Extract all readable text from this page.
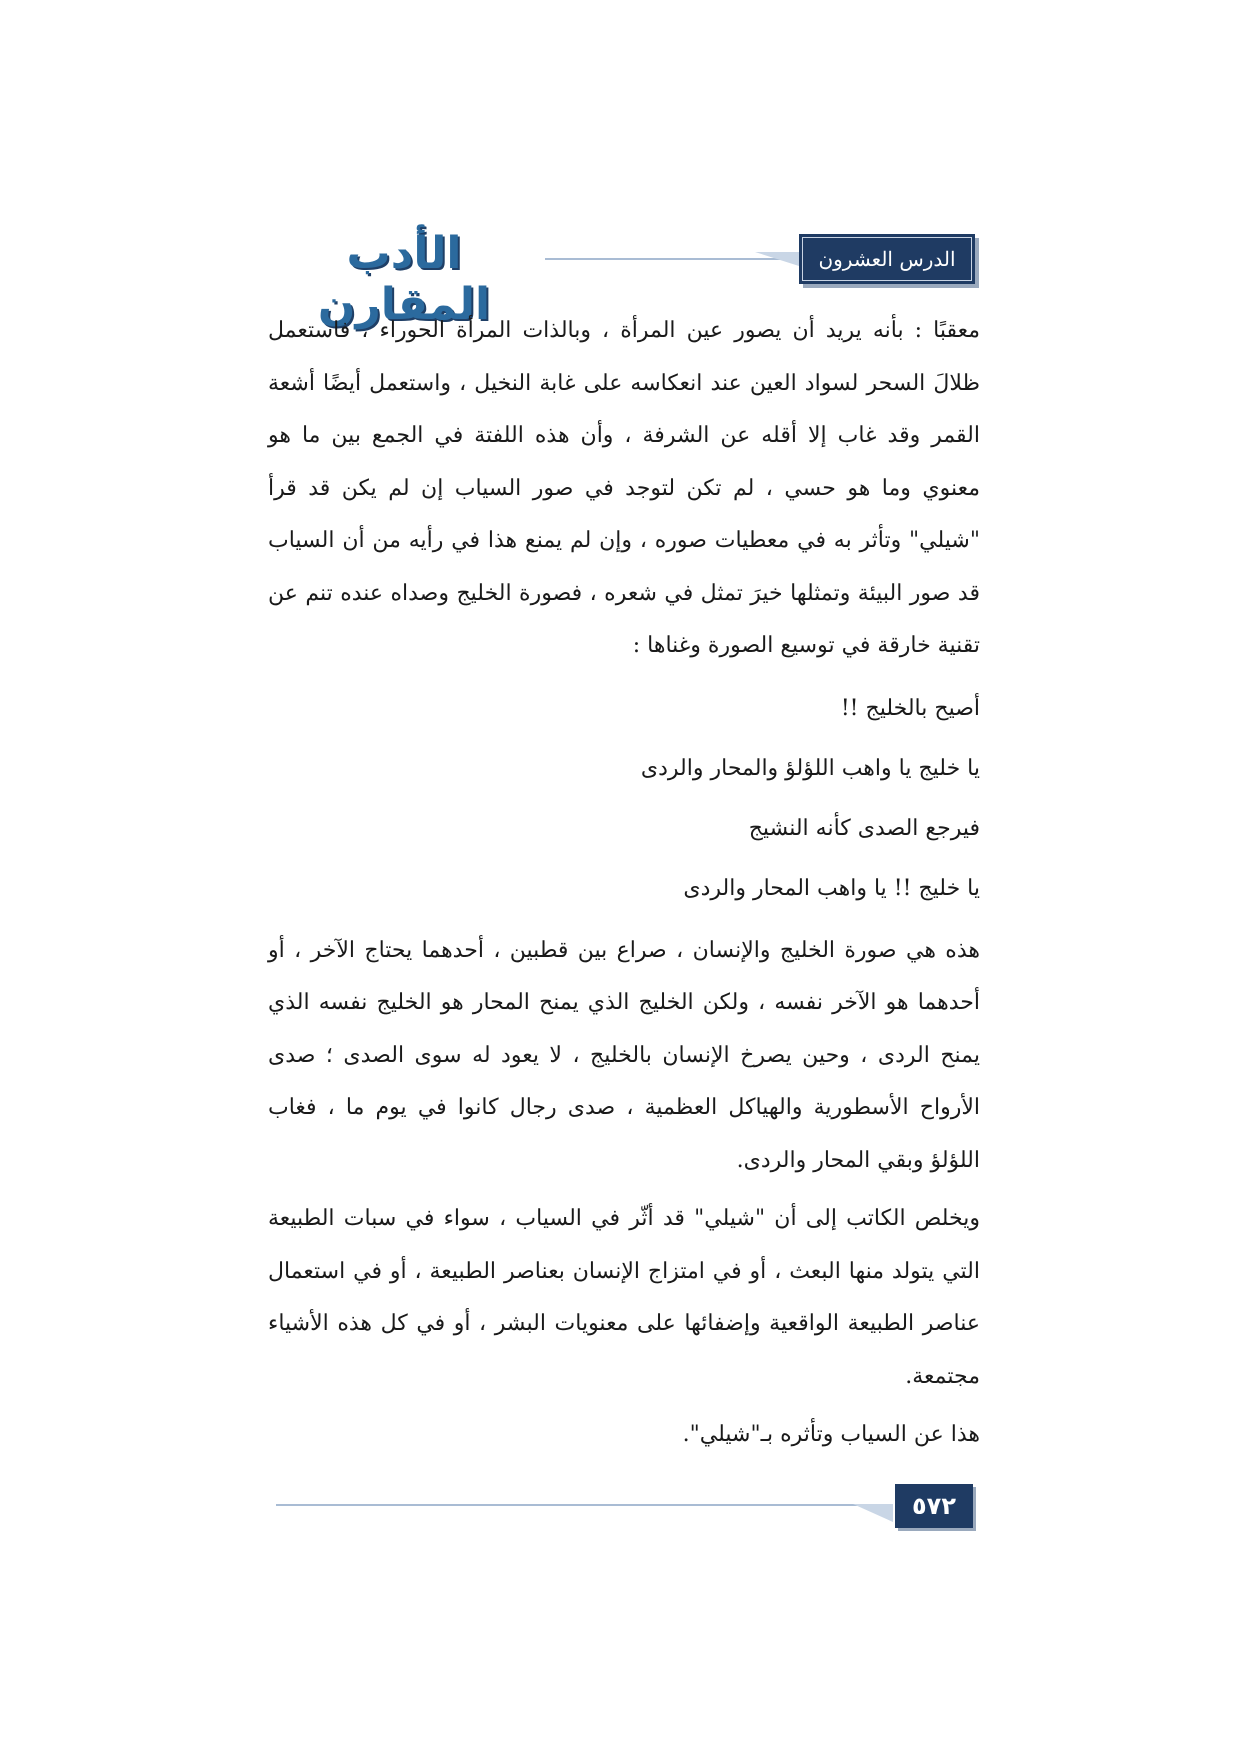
الأدب المقارن
الدرس العشرون

معقبًا : بأنه يريد أن يصور عين المرأة ، وبالذات المرأة الحوراء ، فاستعمل ظلالَ السحر لسواد العين عند انعكاسه على غابة النخيل ، واستعمل أيضًا أشعة القمر وقد غاب إلا أقله عن الشرفة ، وأن هذه اللفتة في الجمع بين ما هو معنوي وما هو حسي ، لم تكن لتوجد في صور السياب إن لم يكن قد قرأ "شيلي" وتأثر به في معطيات صوره ، وإن لم يمنع هذا في رأيه من أن السياب قد صور البيئة وتمثلها خيرَ تمثل في شعره ، فصورة الخليج وصداه عنده تنم عن تقنية خارقة في توسيع الصورة وغناها :

أصيح بالخليج !!

يا خليج يا واهب اللؤلؤ والمحار والردى

فيرجع الصدى كأنه النشيج

يا خليج !! يا واهب المحار والردى

هذه هي صورة الخليج والإنسان ، صراع بين قطبين ، أحدهما يحتاج الآخر ، أو أحدهما هو الآخر نفسه ، ولكن الخليج الذي يمنح المحار هو الخليج نفسه الذي يمنح الردى ، وحين يصرخ الإنسان بالخليج ، لا يعود له سوى الصدى ؛ صدى الأرواح الأسطورية والهياكل العظمية ، صدى رجال كانوا في يوم ما ، فغاب اللؤلؤ وبقي المحار والردى.

ويخلص الكاتب إلى أن "شيلي" قد أثّر في السياب ، سواء في سبات الطبيعة التي يتولد منها البعث ، أو في امتزاج الإنسان بعناصر الطبيعة ، أو في استعمال عناصر الطبيعة الواقعية وإضفائها على معنويات البشر ، أو في كل هذه الأشياء مجتمعة.

هذا عن السياب وتأثره بـ"شيلي".

٥٧٢
